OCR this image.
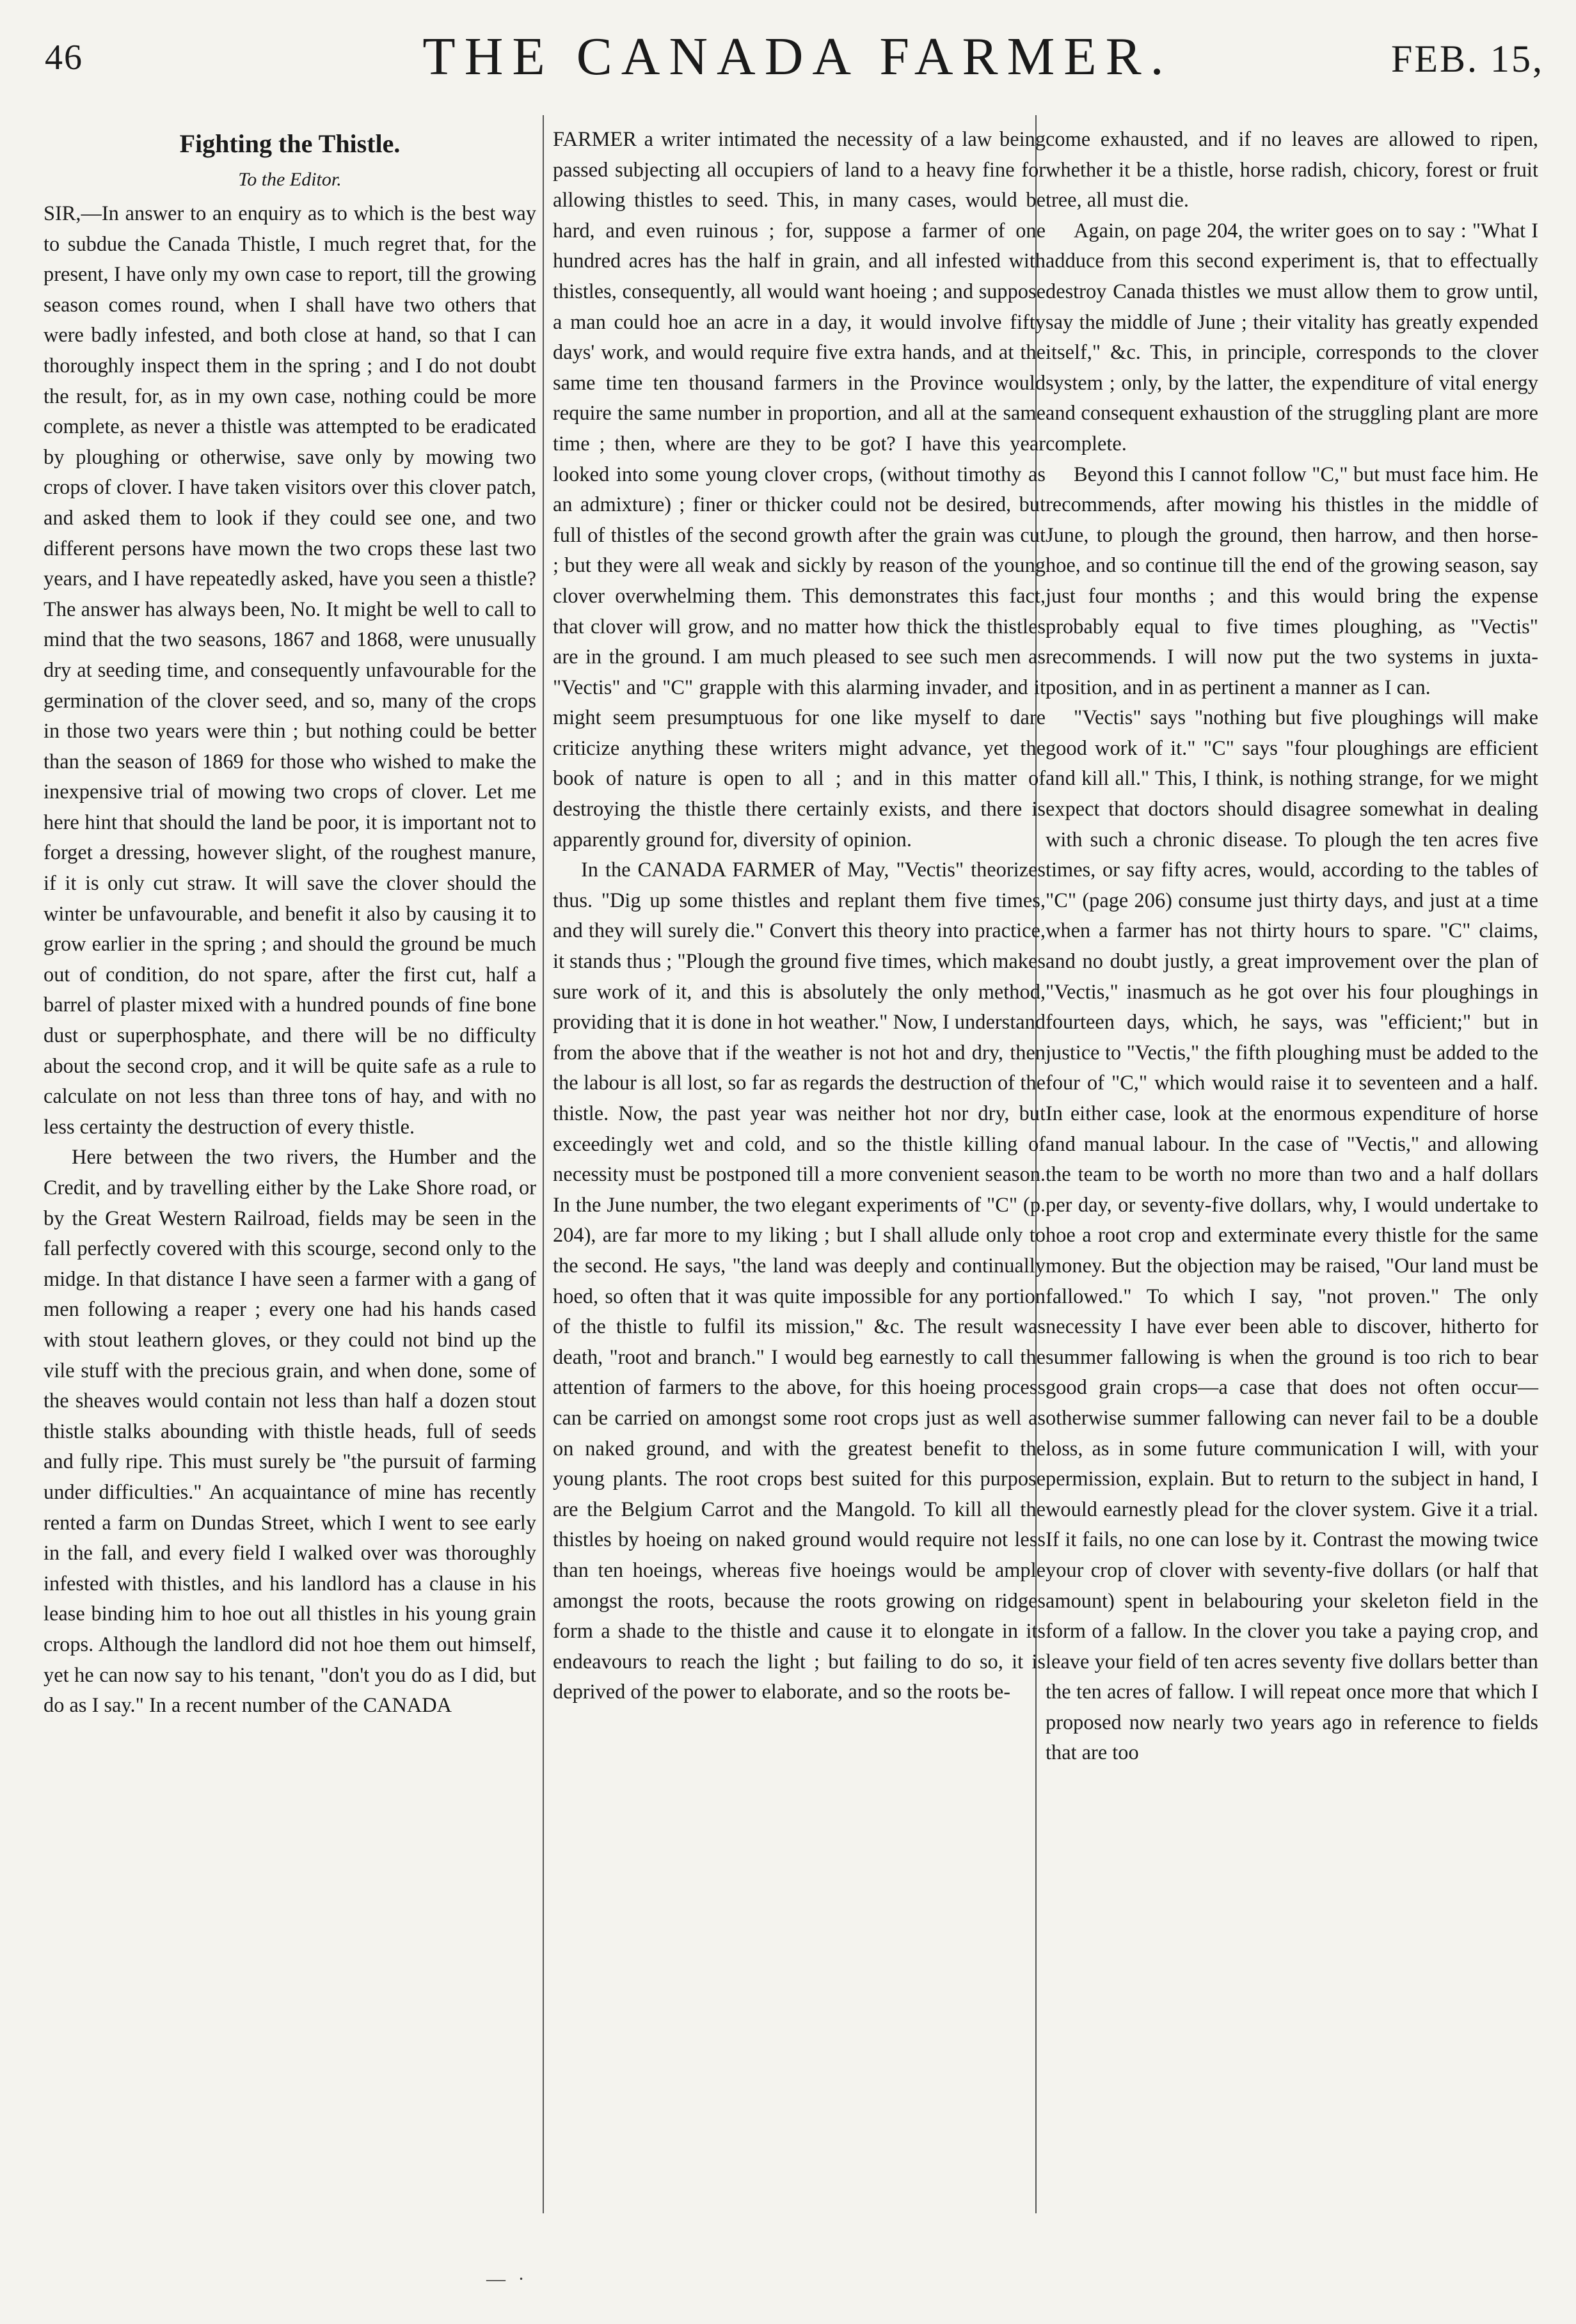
46	THE CANADA FARMER.	FEB. 15,
Fighting the Thistle.
To the Editor.

SIR,—In answer to an enquiry as to which is the best way to subdue the Canada Thistle, I much regret that, for the present, I have only my own case to report, till the growing season comes round, when I shall have two others that were badly infested, and both close at hand, so that I can thoroughly inspect them in the spring ; and I do not doubt the result, for, as in my own case, nothing could be more complete, as never a thistle was attempted to be eradicated by ploughing or otherwise, save only by mowing two crops of clover. I have taken visitors over this clover patch, and asked them to look if they could see one, and two different persons have mown the two crops these last two years, and I have repeatedly asked, have you seen a thistle? The answer has always been, No. It might be well to call to mind that the two seasons, 1867 and 1868, were unusually dry at seeding time, and consequently unfavourable for the germination of the clover seed, and so, many of the crops in those two years were thin ; but nothing could be better than the season of 1869 for those who wished to make the inexpensive trial of mowing two crops of clover. Let me here hint that should the land be poor, it is important not to forget a dressing, however slight, of the roughest manure, if it is only cut straw. It will save the clover should the winter be unfavourable, and benefit it also by causing it to grow earlier in the spring ; and should the ground be much out of condition, do not spare, after the first cut, half a barrel of plaster mixed with a hundred pounds of fine bone dust or superphosphate, and there will be no difficulty about the second crop, and it will be quite safe as a rule to calculate on not less than three tons of hay, and with no less certainty the destruction of every thistle.

Here between the two rivers, the Humber and the Credit, and by travelling either by the Lake Shore road, or by the Great Western Railroad, fields may be seen in the fall perfectly covered with this scourge, second only to the midge. In that distance I have seen a farmer with a gang of men following a reaper ; every one had his hands cased with stout leathern gloves, or they could not bind up the vile stuff with the precious grain, and when done, some of the sheaves would contain not less than half a dozen stout thistle stalks abounding with thistle heads, full of seeds and fully ripe. This must surely be "the pursuit of farming under difficulties." An acquaintance of mine has recently rented a farm on Dundas Street, which I went to see early in the fall, and every field I walked over was thoroughly infested with thistles, and his landlord has a clause in his lease binding him to hoe out all thistles in his young grain crops. Although the landlord did not hoe them out himself, yet he can now say to his tenant, "don't you do as I did, but do as I say." In a recent number of the CANADA

FARMER a writer intimated the necessity of a law being passed subjecting all occupiers of land to a heavy fine for allowing thistles to seed. This, in many cases, would be hard, and even ruinous ; for, suppose a farmer of one hundred acres has the half in grain, and all infested with thistles, consequently, all would want hoeing ; and suppose a man could hoe an acre in a day, it would involve fifty days' work, and would require five extra hands, and at the same time ten thousand farmers in the Province would require the same number in proportion, and all at the same time ; then, where are they to be got? I have this year looked into some young clover crops, (without timothy as an admixture) ; finer or thicker could not be desired, but full of thistles of the second growth after the grain was cut ; but they were all weak and sickly by reason of the young clover overwhelming them. This demonstrates this fact, that clover will grow, and no matter how thick the thistles are in the ground. I am much pleased to see such men as "Vectis" and "C" grapple with this alarming invader, and it might seem presumptuous for one like myself to dare criticize anything these writers might advance, yet the book of nature is open to all ; and in this matter of destroying the thistle there certainly exists, and there is apparently ground for, diversity of opinion.

In the CANADA FARMER of May, "Vectis" theorizes thus. "Dig up some thistles and replant them five times, and they will surely die." Convert this theory into practice, it stands thus ; "Plough the ground five times, which makes sure work of it, and this is absolutely the only method, providing that it is done in hot weather." Now, I understand from the above that if the weather is not hot and dry, then the labour is all lost, so far as regards the destruction of the thistle. Now, the past year was neither hot nor dry, but exceedingly wet and cold, and so the thistle killing of necessity must be postponed till a more convenient season. In the June number, the two elegant experiments of "C" (p. 204), are far more to my liking ; but I shall allude only to the second. He says, "the land was deeply and continually hoed, so often that it was quite impossible for any portion of the thistle to fulfil its mission," &c. The result was death, "root and branch." I would beg earnestly to call the attention of farmers to the above, for this hoeing process can be carried on amongst some root crops just as well as on naked ground, and with the greatest benefit to the young plants. The root crops best suited for this purpose are the Belgium Carrot and the Mangold. To kill all the thistles by hoeing on naked ground would require not less than ten hoeings, whereas five hoeings would be ample amongst the roots, because the roots growing on ridges form a shade to the thistle and cause it to elongate in its endeavours to reach the light ; but failing to do so, it is deprived of the power to elaborate, and so the roots be-

come exhausted, and if no leaves are allowed to ripen, whether it be a thistle, horse radish, chicory, forest or fruit tree, all must die.

Again, on page 204, the writer goes on to say : "What I adduce from this second experiment is, that to effectually destroy Canada thistles we must allow them to grow until, say the middle of June ; their vitality has greatly expended itself," &c. This, in principle, corresponds to the clover system ; only, by the latter, the expenditure of vital energy and consequent exhaustion of the struggling plant are more complete.

Beyond this I cannot follow "C," but must face him. He recommends, after mowing his thistles in the middle of June, to plough the ground, then harrow, and then horse-hoe, and so continue till the end of the growing season, say just four months ; and this would bring the expense probably equal to five times ploughing, as "Vectis" recommends. I will now put the two systems in juxta-position, and in as pertinent a manner as I can.

"Vectis" says "nothing but five ploughings will make good work of it." "C" says "four ploughings are efficient and kill all." This, I think, is nothing strange, for we might expect that doctors should disagree somewhat in dealing with such a chronic disease. To plough the ten acres five times, or say fifty acres, would, according to the tables of "C" (page 206) consume just thirty days, and just at a time when a farmer has not thirty hours to spare. "C" claims, and no doubt justly, a great improvement over the plan of "Vectis," inasmuch as he got over his four ploughings in fourteen days, which, he says, was "efficient;" but in justice to "Vectis," the fifth ploughing must be added to the four of "C," which would raise it to seventeen and a half. In either case, look at the enormous expenditure of horse and manual labour. In the case of "Vectis," and allowing the team to be worth no more than two and a half dollars per day, or seventy-five dollars, why, I would undertake to hoe a root crop and exterminate every thistle for the same money. But the objection may be raised, "Our land must be fallowed." To which I say, "not proven." The only necessity I have ever been able to discover, hitherto for summer fallowing is when the ground is too rich to bear good grain crops—a case that does not often occur—otherwise summer fallowing can never fail to be a double loss, as in some future communication I will, with your permission, explain. But to return to the subject in hand, I would earnestly plead for the clover system. Give it a trial. If it fails, no one can lose by it. Contrast the mowing twice your crop of clover with seventy-five dollars (or half that amount) spent in belabouring your skeleton field in the form of a fallow. In the clover you take a paying crop, and leave your field of ten acres seventy five dollars better than the ten acres of fallow. I will repeat once more that which I proposed now nearly two years ago in reference to fields that are too

— ·
